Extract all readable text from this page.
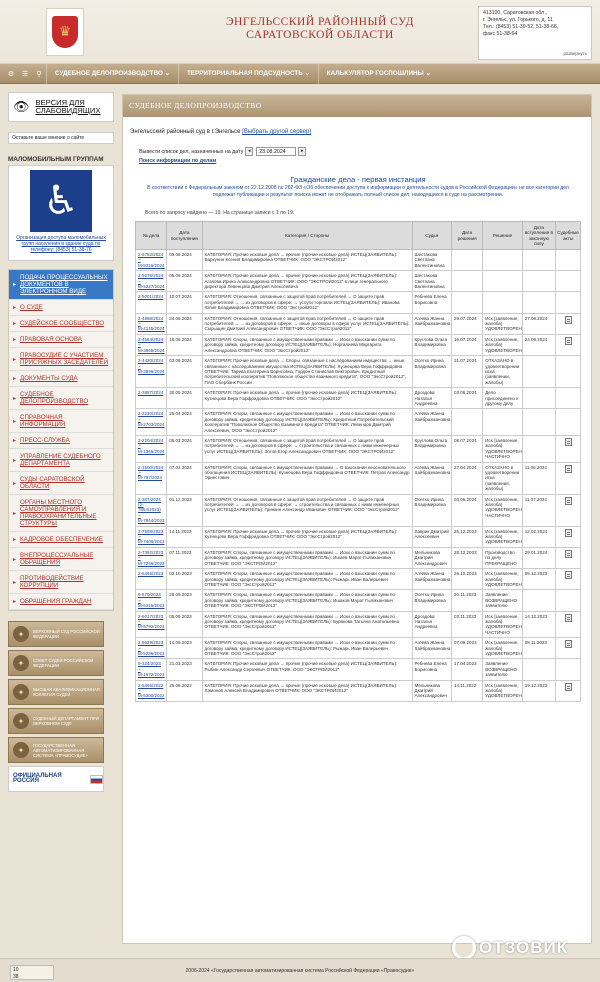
♛
ЭНГЕЛЬССКИЙ РАЙОННЫЙ СУД
САРАТОВСКОЙ ОБЛАСТИ
413100, Саратовская обл.,
г. Энгельс, ул. Горького, д. 11
Тел.: (8453) 51-39-52, 51-38-66,
факс 51-38-64
развернуть
⚙	☰	⚲	СУДЕБНОЕ ДЕЛОПРОИЗВОДСТВО ⌄	ТЕРРИТОРИАЛЬНАЯ ПОДСУДНОСТЬ ⌄	КАЛЬКУЛЯТОР ГОСПОШЛИНЫ ⌄
👁 ВЕРСИЯ ДЛЯ СЛАБОВИДЯЩИХ
Оставьте ваше мнение о сайте
МАЛОМОБИЛЬНЫМ ГРУППАМ
♿
Организация доступа маломобильных групп населения в здание суда по телефону: (8453) 51-38-76
▸
ПОДАЧА ПРОЦЕССУАЛЬНЫХ ДОКУМЕНТОВ В ЭЛЕКТРОННОМ ВИДЕ
▸ О СУДЕ
▸ СУДЕЙСКОЕ СООБЩЕСТВО
▸ ПРАВОВАЯ ОСНОВА
▸ ПРАВОСУДИЕ С УЧАСТИЕМ ПРИСЯЖНЫХ ЗАСЕДАТЕЛЕЙ
▸ ДОКУМЕНТЫ СУДА
▸ СУДЕБНОЕ ДЕЛОПРОИЗВОДСТВО
▸ СПРАВОЧНАЯ ИНФОРМАЦИЯ
▸ ПРЕСС-СЛУЖБА
▸ УПРАВЛЕНИЕ СУДЕБНОГО ДЕПАРТАМЕНТА
▸ СУДЫ САРАТОВСКОЙ ОБЛАСТИ
▸
ОРГАНЫ МЕСТНОГО САМОУПРАВЛЕНИЯ И ПРАВООХРАНИТЕЛЬНЫЕ СТРУКТУРЫ
▸ КАДРОВОЕ ОБЕСПЕЧЕНИЕ
▸ ВНЕПРОЦЕССУАЛЬНЫЕ ОБРАЩЕНИЯ
▸ ПРОТИВОДЕЙСТВИЕ КОРРУПЦИИ
▸ ОБРАЩЕНИЯ ГРАЖДАН
✦	ВЕРХОВНЫЙ СУД РОССИЙСКОЙ ФЕДЕРАЦИИ
✦	СОВЕТ СУДЕЙ РОССИЙСКОЙ ФЕДЕРАЦИИ
✦	ВЫСШАЯ КВАЛИФИКАЦИОННАЯ КОЛЛЕГИЯ СУДЕЙ
✦	СУДЕБНЫЙ ДЕПАРТАМЕНТ ПРИ ВЕРХОВНОМ СУДЕ
✦
ГОСУДАРСТВЕННАЯ АВТОМАТИЗИРОВАННАЯ СИСТЕМА «ПРАВОСУДИЕ»
ОФИЦИАЛЬНАЯ РОССИЯ
СУДЕБНОЕ ДЕЛОПРОИЗВОДСТВО
Энгельсский районный суд в г.Энгельсе [Выбрать другой сервер]
Вывести список дел, назначенных на дату ◂	23.08.2024	▸
Поиск информации по делам
Гражданские дела - первая инстанция
В соответствии с Федеральным законом от 22.12.2008 № 262-ФЗ «Об обеспечении доступа к информации о деятельности судов в Российской Федерации» не все категории дел подлежат публикации и результат поиска может не отображать полный список дел, находящихся в суде на рассмотрении.
Всего по запросу найдено — 19. На странице записи с 1 по 19.
№ дела	Дата поступления	Категория / Стороны	Судья	Дата решения	Решение	Дата вступления в законную силу	Судебные акты
2-5752/2024 ~ М-5316/2024	09.08.2024	КАТЕГОРИЯ: Прочие исковые дела → прочие (прочие исковые дела) ИСТЕЦ(ЗАЯВИТЕЛЬ): Варкунин Ксения Владимировна ОТВЕТЧИК: ООО "ЭКСТРОЙ2012"	Шестакова Светлана Валентиновна				
2-5678/2024 ~ М-5227/2024	05.08.2024	КАТЕГОРИЯ: Прочие исковые дела → прочие (прочие исковые дела) ИСТЕЦ(ЗАЯВИТЕЛЬ): Агапова Ирина Александровна ОТВЕТЧИК: ООО "ЭКСТРОЙ2012" в лице генерального директора Левенцова Дмитрия Алексеевича	Шестакова Светлана Валентиновна				
2-5001/2024	10.07.2024	КАТЕГОРИЯ: Отношения, связанные с защитой прав потребителей → О защите прав потребителей → ... из договоров в сфере: → услуги торговли ИСТЕЦ(ЗАЯВИТЕЛЬ): Иванова Юлия Владимировна ОТВЕТЧИК: ООО "Экстрой2012"	Ребнева Елена Борисовна				
2-4888/2024 ~ М-4145/2024	24.06.2024	КАТЕГОРИЯ: Отношения, связанные с защитой прав потребителей → О защите прав потребителей → ... из договоров в сфере: → иные договоры в сфере услуг ИСТЕЦ(ЗАЯВИТЕЛЬ): Сырыщин Дмитрий Александрович ОТВЕТЧИК: ООО "ЭксСтрой2012"	Агеева Жанна Хайбрахмановна	29.07.2024	Иск (заявление, жалоба) УДОВЛЕТВОРЕН	27.08.2024	
2-4564/2024 ~ М-3965/2024	18.06.2024	КАТЕГОРИЯ: Споры, связанные с имущественными правами → Иски о взыскании сумм по договору займа, кредитному договору ИСТЕЦ(ЗАЯВИТЕЛЬ): Норгалиева Маргарита Александровна ОТВЕТЧИК: ООО "ЭксСтрой2012"	Круглова Ольга Владимировна	16.07.2024	Иск (заявление, жалоба) УДОВЛЕТВОРЕН	24.09.2024	
2-4420/2024 ~ М-3996/2024	03.06.2024	КАТЕГОРИЯ: Прочие исковые дела → Споры, связанные с наследованием имущества → иные, связанные с наследованием имущества ИСТЕЦ(ЗАЯВИТЕЛЬ): Кузнецова Вера Гоффридовна ОТВЕТЧИК: Тарева Екатерина Борисовна, Гордон Станислав Викторович, Кредитный потребительский кооператив "Поволжское общество взаимного кредита", ООО "ЭксСтрой2012", ПАО Сбербанк России	Осетко Ирина Владимировна	31.07.2024	ОТКАЗАНО в удовлетворении иска (заявлении, жалобы)		
2-3887/2024	30.05.2024	КАТЕГОРИЯ: Прочие исковые дела → прочие (прочие исковые дела) ИСТЕЦ(ЗАЯВИТЕЛЬ): Кузнецова Вера Гоффридовна ОТВЕТЧИК: ООО "ЭксСтрой2012"	Дроздова Наталья Андреевна	03.06.2024	Дело присоединено к другому делу		
2-3230/2024 ~ М-2703/2024	25.04.2024	КАТЕГОРИЯ: Споры, связанные с имущественными правами → Иски о взыскании сумм по договору займа, кредитному договору ИСТЕЦ(ЗАЯВИТЕЛЬ): Кредитный Потребительский Кооператив "Поволжское Общество Взаимного Кредита" ОТВЕТЧИК: Левенцов Дмитрий Алексеевич, ООО "ЭксСтрой2012"	Агеева Жанна Хайбрахмановна				
2-2204/2024 ~ М-1365/2024	05.03.2024	КАТЕГОРИЯ: Отношения, связанные с защитой прав потребителей → О защите прав потребителей → ... из договоров в сфере: → строительства и связанных с ними инженерных услуг ИСТЕЦ(ЗАЯВИТЕЛЬ): Зотов Егор Александрович ОТВЕТЧИК: ООО "ЭКСТРОЙ2012"	Круглова Ольга Владимировна	08.07.2024	Иск (заявление, жалоба) УДОВЛЕТВОРЕН ЧАСТИЧНО		
2-1500/2024 ~ М-787/2024	07.02.2024	КАТЕГОРИЯ: Споры, связанные с имущественными правами → О взыскании неосновательного обогащения ИСТЕЦ(ЗАЯВИТЕЛЬ): Кузнецова Вера Гоффридовна ОТВЕТЧИК: Петров Александр Эрнестович	Агеева Жанна Хайбрахмановна	27.04.2024	ОТКАЗАНО в удовлетворении иска (заявления, жалобы)	11.06.2024	
2-387/2024 (2-7864/2023) ~ М-7844/2023	01.12.2023	КАТЕГОРИЯ: Отношения, связанные с защитой прав потребителей → О защите прав потребителей → ... из договоров в сфере: → строительства и связанных с ними инженерных услуг ИСТЕЦ(ЗАЯВИТЕЛЬ): Гринкин Александр Иванович ОТВЕТЧИК: ООО "ЭксСтрой2012"	Осетко Ирина Владимировна	03.06.2024	Иск (заявление, жалоба) УДОВЛЕТВОРЕН ЧАСТИЧНО	11.07.2024	
2-7588/2023 ~ М-7400/2023	14.11.2023	КАТЕГОРИЯ: Прочие исковые дела → прочие (прочие исковые дела) ИСТЕЦ(ЗАЯВИТЕЛЬ): Кузнецова Вера Гоффридовна ОТВЕТЧИК: ООО "ЭксСтрой2012"	Лаврик Дмитрий Алексеевич	25.12.2023	Иск (заявление, жалоба) УДОВЛЕТВОРЕН	12.02.2024	
2-7392/2023 ~ М-7246/2023	07.11.2023	КАТЕГОРИЯ: Споры, связанные с имущественными правами → Иски о взыскании сумм по договору займа, кредитному договору ИСТЕЦ(ЗАЯВИТЕЛЬ): Ишаев Марат Гылмханович ОТВЕТЧИК: ООО "ЭКСТРОЙ2012"	Мельникова Дмитрий Александрович	28.12.2023	Производство по делу ПРЕКРАЩЕНО	29.01.2024	
2-6465/2023	02.10.2023	КАТЕГОРИЯ: Споры, связанные с имущественными правами → Иски о взыскании сумм по договору займа, кредитному договору ИСТЕЦ(ЗАЯВИТЕЛЬ): Рыжарь Иван Валерьевич ОТВЕТЧИК: ООО "ЭксСтрой2012"	Агеева Жанна Хайбрахмановна	26.10.2023	Иск (заявление, жалоба) УДОВЛЕТВОРЕН	05.12.2023	
9-670/2023 ~ М-6316/2023	28.09.2023	КАТЕГОРИЯ: Споры, связанные с имущественными правами → Иски о взыскании сумм по договору займа, кредитному договору ИСТЕЦ(ЗАЯВИТЕЛЬ): Ишаков Марат Гылмханович ОТВЕТЧИК: ООО "ЭКСТРОЙ2012"	Осетко Ирина Владимировна	20.11.2023	Заявление ВОЗВРАЩЕНО заявителю		
2-6017/2023 ~ М-5792/2023	05.09.2023	КАТЕГОРИЯ: Споры, связанные с имущественными правами → Иски о взыскании сумм по договору займа, кредитному договору ИСТЕЦ(ЗАЯВИТЕЛЬ): Буракова Татьяна Анатольевна ОТВЕТЧИК: ООО "ЭксСтрой2012"	Дроздова Наталья Андреевна	03.11.2023	Иск (заявление, жалоба) УДОВЛЕТВОРЕН ЧАСТИЧНО	14.12.2023	
2-5629/2023 ~ М-5236/2023	14.08.2023	КАТЕГОРИЯ: Споры, связанные с имущественными правами → Иски о взыскании сумм по договору займа, кредитному договору ИСТЕЦ(ЗАЯВИТЕЛЬ): Рыжарь Иван Валерьевич ОТВЕТЧИК: ООО "ЭксСтрой2012"	Агеева Жанна Хайбрахмановна	07.09.2023	Иск (заявление, жалоба) УДОВЛЕТВОРЕН	08.11.2023	
9-324/2023 ~ М-1672/2023	21.03.2023	КАТЕГОРИЯ: Прочие исковые дела → прочие (прочие исковые дела) ИСТЕЦ(ЗАЯВИТЕЛЬ): Рыбин Александр Сергеевич ОТВЕТЧИК: ООО "ЭКСТРОЙ2012"	Ребнева Елена Борисовна	17.04.2023	Заявление ВОЗВРАЩЕНО заявителю		
2-5466/2022 ~ М-5300/2022	26.08.2022	КАТЕГОРИЯ: Прочие исковые дела → прочие (прочие исковые дела) ИСТЕЦ(ЗАЯВИТЕЛЬ): Ламонов Алексей Владимирович ОТВЕТЧИК: ООО "ЭКСТРОЙ2012"	Мельникова Дмитрий Александрович	14.11.2022	Иск (заявление, жалоба) УДОВЛЕТВОРЕН	19.12.2022	
ОТЗОВИК
10
38
2006-2024 «Государственная автоматизированная система Российской Федерации «Правосудие»
